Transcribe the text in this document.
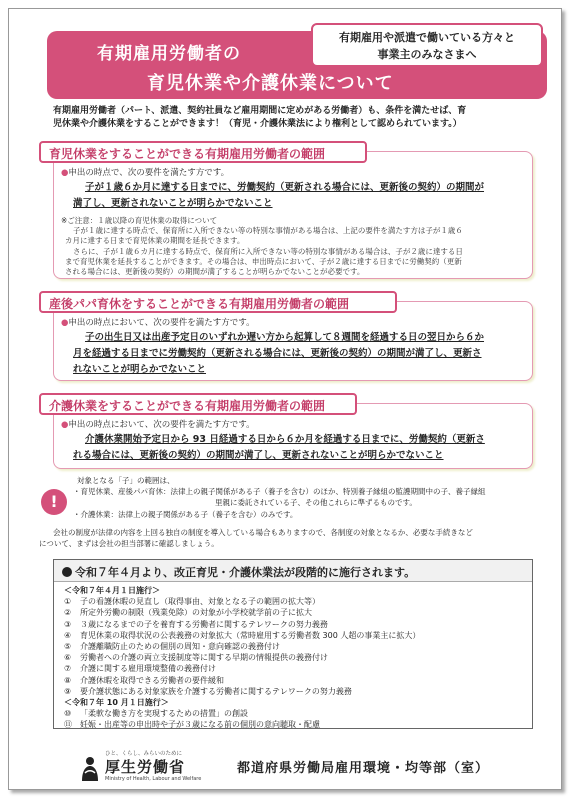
有期雇用労働者の
育児休業や介護休業について
有期雇用や派遣で働いている方々と
事業主のみなさまへ
有期雇用労働者（パート、派遣、契約社員など雇用期間に定めがある労働者）も、条件を満たせば、育
児休業や介護休業をすることができます！（育児・介護休業法により権利として認められています。）
育児休業をすることができる有期雇用労働者の範囲
●申出の時点で、次の要件を満たす方です。
子が１歳６か月に達する日までに、労働契約（更新される場合には、更新後の契約）の期間が
満了し、更新されないことが明らかでないこと
※ご注意：１歳以降の育児休業の取得について
子が１歳に達する時点で、保育所に入所できない等の特別な事情がある場合は、上記の要件を満たす方は子が１歳６
カ月に達する日まで育児休業の期間を延長できます。
さらに、子が１歳６カ月に達する時点で、保育所に入所できない等の特別な事情がある場合は、子が２歳に達する日
まで育児休業を延長することができます。その場合は、申出時点において、子が２歳に達する日までに労働契約（更新
される場合には、更新後の契約）の期間が満了することが明らかでないことが必要です。
産後パパ育休をすることができる有期雇用労働者の範囲
●申出の時点において、次の要件を満たす方です。
子の出生日又は出産予定日のいずれか遅い方から起算して８週間を経過する日の翌日から６か
月を経過する日までに労働契約（更新される場合には、更新後の契約）の期間が満了し、更新さ
れないことが明らかでないこと
介護休業をすることができる有期雇用労働者の範囲
●申出の時点において、次の要件を満たす方です。
介護休業開始予定日から 93 日経過する日から６か月を経過する日までに、労働契約（更新さ
れる場合には、更新後の契約）の期間が満了し、更新されないことが明らかでないこと
!
対象となる「子」の範囲は、
・育児休業、産後パパ育休：法律上の親子関係がある子（養子を含む）のほか、特別養子縁組の監護期間中の子、養子縁組
里親に委託されている子、その他これらに準ずるものです。
・介護休業：法律上の親子関係がある子（養子を含む）のみです。
会社の制度が法律の内容を上回る独自の制度を導入している場合もありますので、各制度の対象となるか、必要な手続きなど
について、まずは会社の担当部署に確認しましょう。
令和７年４月より、改正育児・介護休業法が段階的に施行されます。
＜令和７年４月１日施行＞
① 子の看護休暇の見直し（取得事由、対象となる子の範囲の拡大等）
② 所定外労働の制限（残業免除）の対象が小学校就学前の子に拡大
③ ３歳になるまでの子を養育する労働者に関するテレワークの努力義務
④ 育児休業の取得状況の公表義務の対象拡大（常時雇用する労働者数 300 人超の事業主に拡大）
⑤ 介護離職防止のための個別の周知・意向確認の義務付け
⑥ 労働者への介護の両立支援制度等に関する早期の情報提供の義務付け
⑦ 介護に関する雇用環境整備の義務付け
⑧ 介護休暇を取得できる労働者の要件緩和
⑨ 要介護状態にある対象家族を介護する労働者に関するテレワークの努力義務
＜令和７年 10 月１日施行＞
⑩ 「柔軟な働き方を実現するための措置」の創設
⑪ 妊娠・出産等の申出時や子が３歳になる前の個別の意向聴取・配慮
ひと、くらし、みらいのために
厚生労働省
Ministry of Health, Labour and Welfare
都道府県労働局雇用環境・均等部（室）
